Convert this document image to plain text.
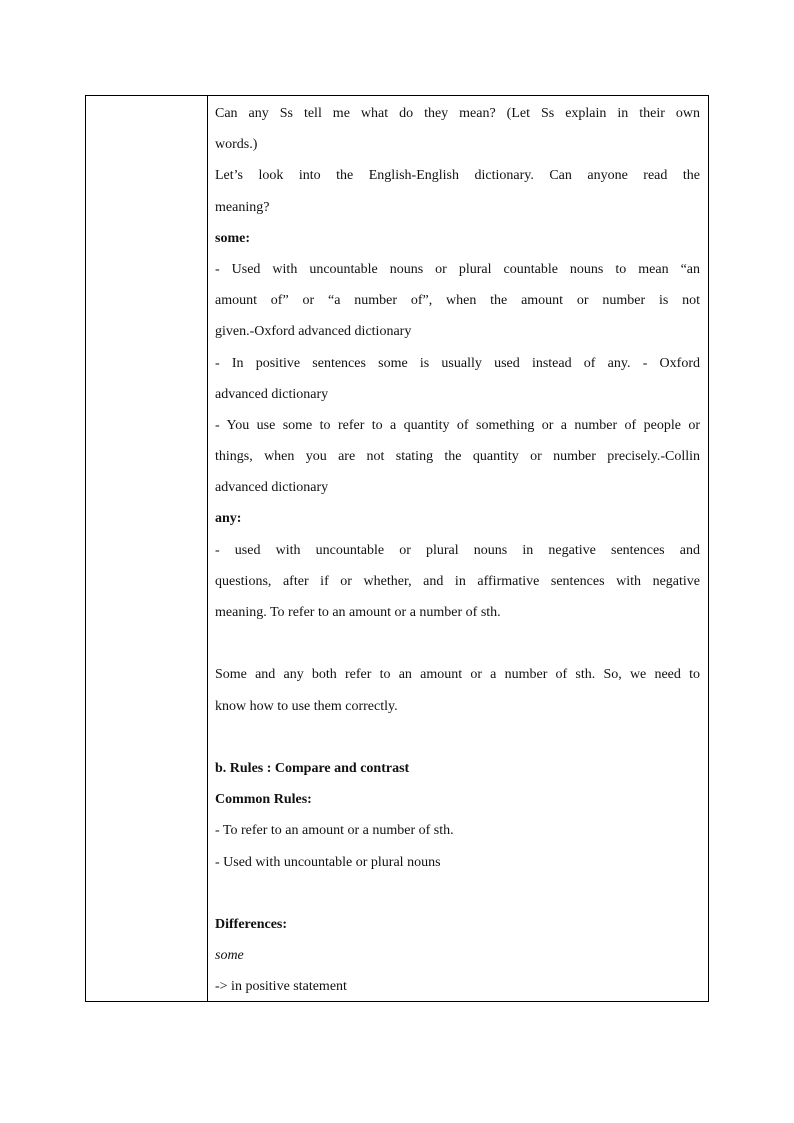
Can any Ss tell me what do they mean? (Let Ss explain in their own
words.)
Let’s look into the English-English dictionary. Can anyone read the
meaning?
some:
- Used with uncountable nouns or plural countable nouns to mean “an
amount of” or “a number of”, when the amount or number is not
given.-Oxford advanced dictionary
- In positive sentences some is usually used instead of any. - Oxford
advanced dictionary
- You use some to refer to a quantity of something or a number of people or
things, when you are not stating the quantity or number precisely.-Collin
advanced dictionary
any:
- used with uncountable or plural nouns in negative sentences and
questions, after if or whether, and in affirmative sentences with negative
meaning. To refer to an amount or a number of sth.
Some and any both refer to an amount or a number of sth. So, we need to
know how to use them correctly.
b. Rules : Compare and contrast
Common Rules:
- To refer to an amount or a number of sth.
- Used with uncountable or plural nouns
Differences:
some
-> in positive statement
